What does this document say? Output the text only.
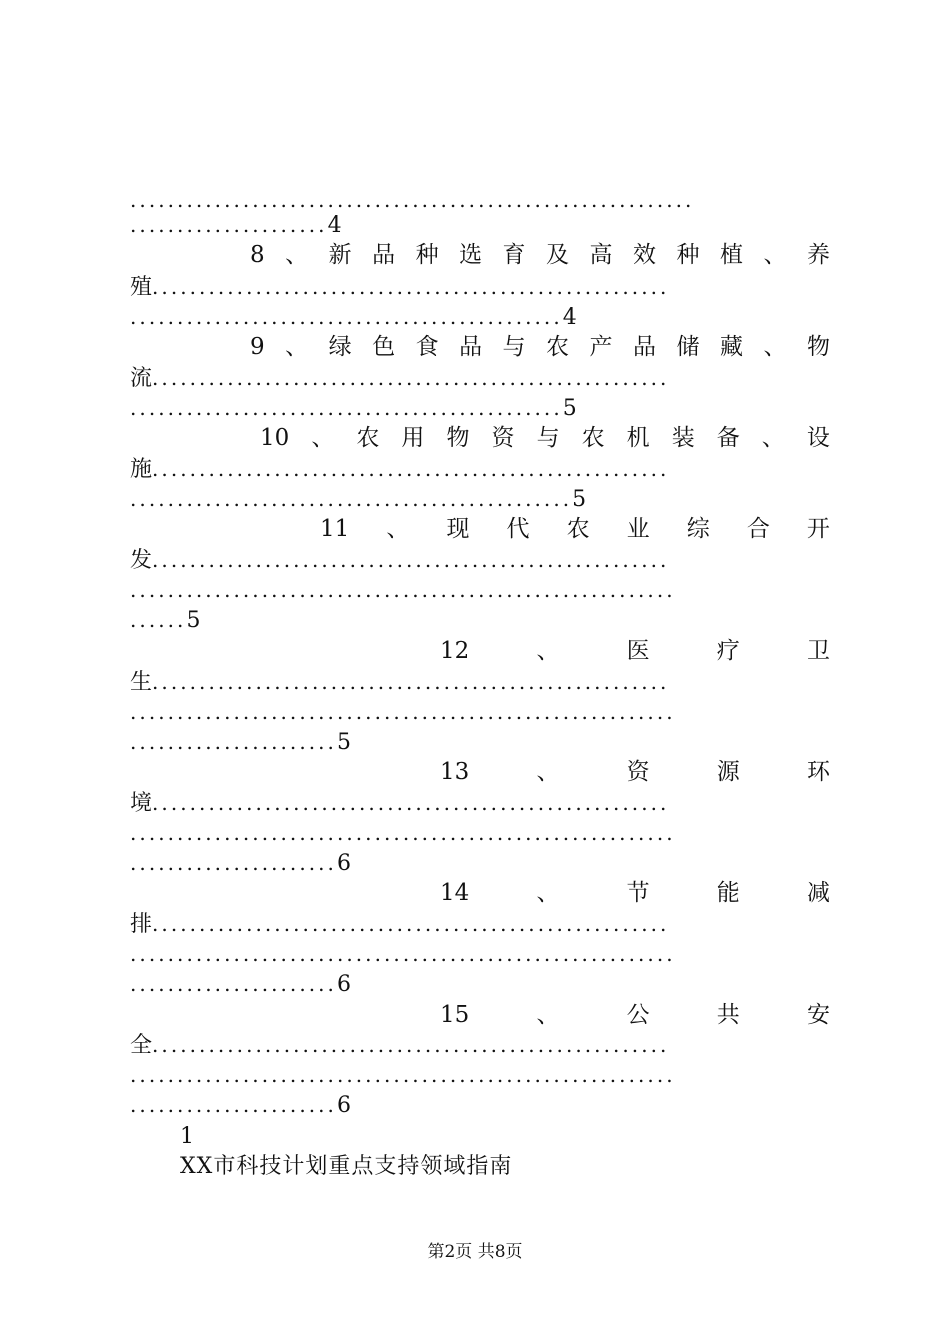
............................................................
.....................4
8 、 新 品 种 选 育 及 高 效 种 植 、 养
殖.......................................................
..............................................4
9 、 绿 色 食 品 与 农 产 品 储 藏 、 物
流.......................................................
..............................................5
10 、 农 用 物 资 与 农 机 装 备 、 设
施.......................................................
...............................................5
11 、 现 代 农 业 综 合 开
发.......................................................
..........................................................
......5
12	、	医	疗	卫
生.......................................................
..........................................................
......................5
13	、	资	源	环
境.......................................................
..........................................................
......................6
14	、	节	能	减
排.......................................................
..........................................................
......................6
15	、	公	共	安
全.......................................................
..........................................................
......................6
1
XX市科技计划重点支持领域指南
第2页 共8页
